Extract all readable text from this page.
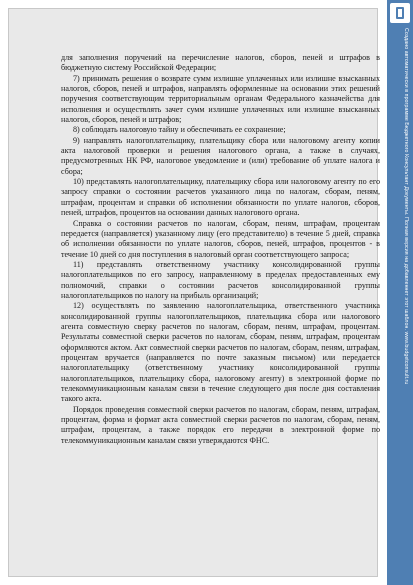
для заполнения поручений на перечисление налогов, сборов, пеней и штрафов в бюджетную систему Российской Федерации;

7) принимать решения о возврате сумм излишне уплаченных или излишне взысканных налогов, сборов, пеней и штрафов, направлять оформленные на основании этих решений поручения соответствующим территориальным органам Федерального казначейства для исполнения и осуществлять зачет сумм излишне уплаченных или излишне взысканных налогов, сборов, пеней и штрафов;

8) соблюдать налоговую тайну и обеспечивать ее сохранение;

9) направлять налогоплательщику, плательщику сбора или налоговому агенту копии акта налоговой проверки и решения налогового органа, а также в случаях, предусмотренных НК РФ, налоговое уведомление и (или) требование об уплате налога и сбора;

10) представлять налогоплательщику, плательщику сбора или налоговому агенту по его запросу справки о состоянии расчетов указанного лица по налогам, сборам, пеням, штрафам, процентам и справки об исполнении обязанности по уплате налогов, сборов, пеней, штрафов, процентов на основании данных налогового органа.

Справка о состоянии расчетов по налогам, сборам, пеням, штрафам, процентам передается (направляется) указанному лицу (его представителю) в течение 5 дней, справка об исполнении обязанности по уплате налогов, сборов, пеней, штрафов, процентов - в течение 10 дней со дня поступления в налоговый орган соответствующего запроса;

11) представлять ответственному участнику консолидированной группы налогоплательщиков по его запросу, направленному в пределах предоставленных ему полномочий, справки о состоянии расчетов консолидированной группы налогоплательщиков по налогу на прибыль организаций;

12) осуществлять по заявлению налогоплательщика, ответственного участника консолидированной группы налогоплательщиков, плательщика сбора или налогового агента совместную сверку расчетов по налогам, сборам, пеням, штрафам, процентам. Результаты совместной сверки расчетов по налогам, сборам, пеням, штрафам, процентам оформляются актом. Акт совместной сверки расчетов по налогам, сборам, пеням, штрафам, процентам вручается (направляется по почте заказным письмом) или передается налогоплательщику (ответственному участнику консолидированной группы налогоплательщиков, плательщику сбора, налоговому агенту) в электронной форме по телекоммуникационным каналам связи в течение следующего дня после дня составления такого акта.

Порядок проведения совместной сверки расчетов по налогам, сборам, пеням, штрафам, процентам, форма и формат акта совместной сверки расчетов по налогам, сборам, пеням, штрафам, процентам, а также порядок его передачи в электронной форме по телекоммуникационным каналам связи утверждаются ФНС.

Создано автоматически в программе Бюджетного Консультант Документы. Полная версия на добавленнет этот шаблон. www.budgetconsult.ru
